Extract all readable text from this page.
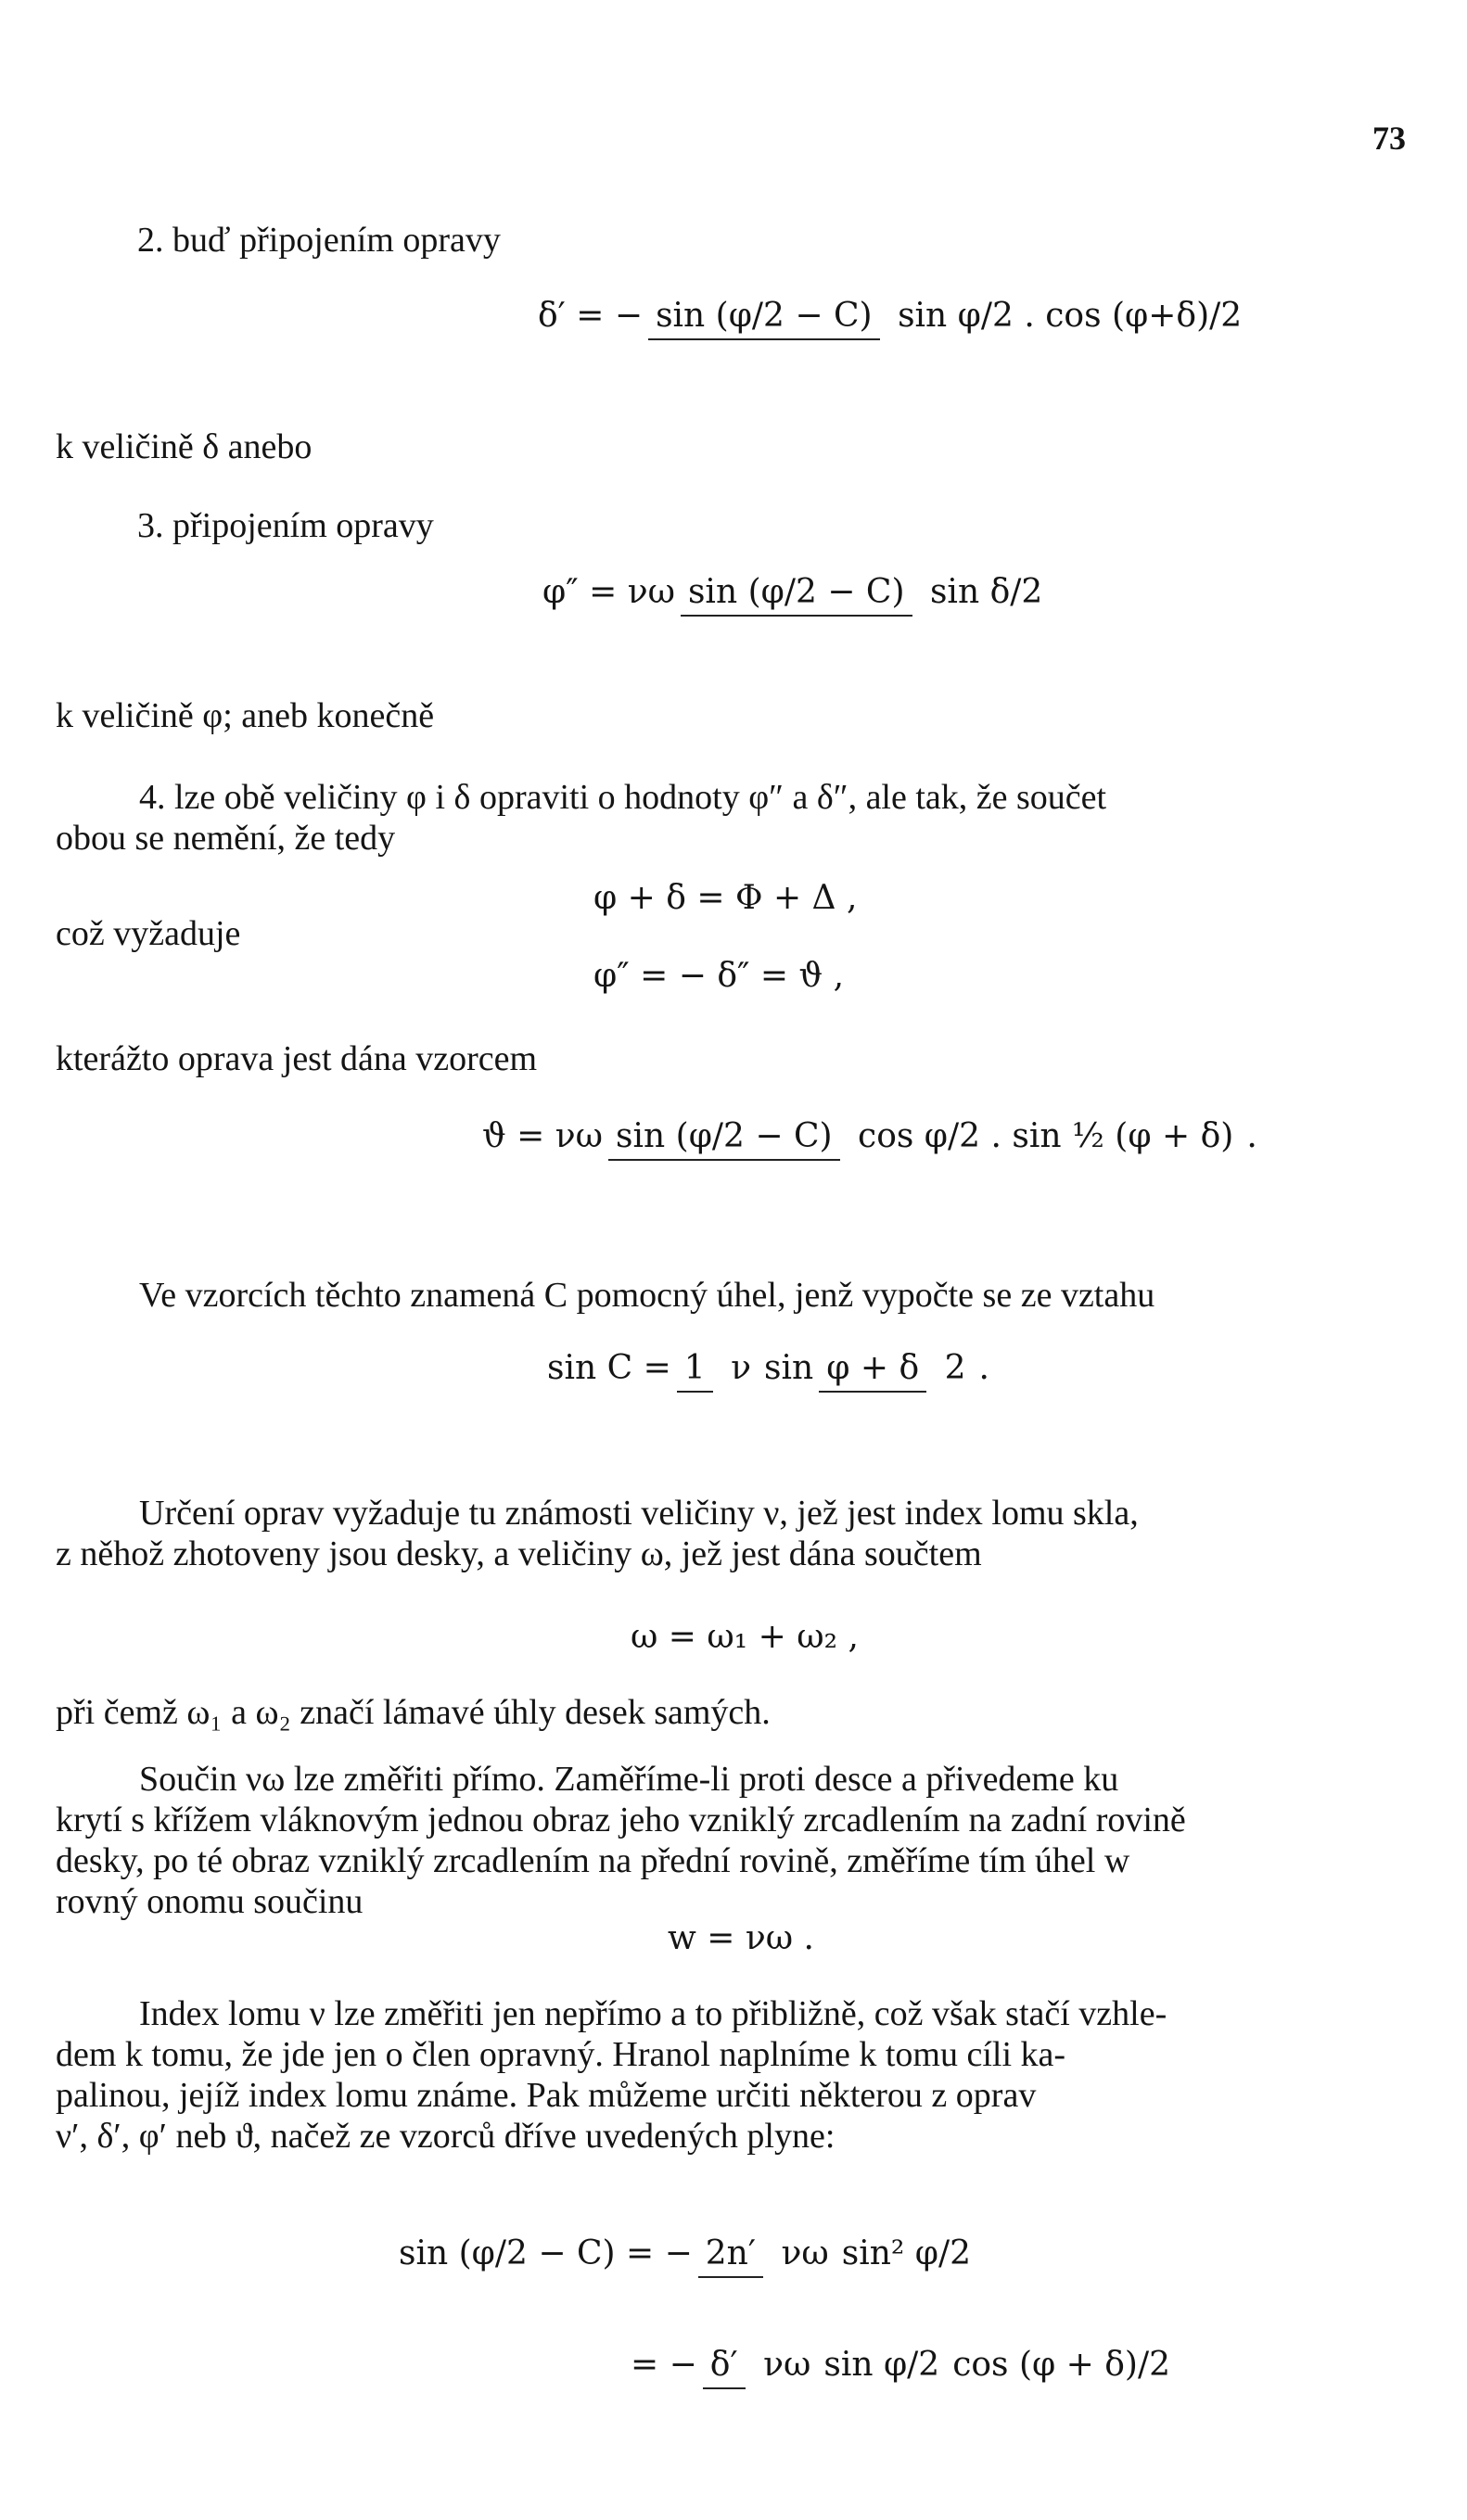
73
2. buď připojením opravy
δ′ = − sin (φ/2 − C) sin φ/2 . cos (φ+δ)/2
k veličině δ anebo
3. připojením opravy
φ″ = νω sin (φ/2 − C) sin δ/2
k veličině φ; aneb konečně
4. lze obě veličiny φ i δ opraviti o hodnoty φ″ a δ″, ale tak, že součet
obou se nemění, že tedy
φ + δ = Φ + Δ ,
což vyžaduje
φ″ = − δ″ = ϑ ,
kterážto oprava jest dána vzorcem
ϑ = νω sin (φ/2 − C) cos φ/2 . sin ½ (φ + δ) .
Ve vzorcích těchto znamená C pomocný úhel, jenž vypočte se ze vztahu
sin C = 1 ν sin φ + δ 2 .
Určení oprav vyžaduje tu známosti veličiny ν, jež jest index lomu skla,
z něhož zhotoveny jsou desky, a veličiny ω, jež jest dána součtem
ω = ω₁ + ω₂ ,
při čemž ω₁ a ω₂ značí lámavé úhly desek samých.
Součin νω lze změřiti přímo. Zaměříme-li proti desce a přivedeme ku
krytí s křížem vláknovým jednou obraz jeho vzniklý zrcadlením na zadní rovině
desky, po té obraz vzniklý zrcadlením na přední rovině, změříme tím úhel w
rovný onomu součinu
w = νω .
Index lomu ν lze změřiti jen nepřímo a to přibližně, což však stačí vzhle-
dem k tomu, že jde jen o člen opravný. Hranol naplníme k tomu cíli ka-
palinou, jejíž index lomu známe. Pak můžeme určiti některou z oprav
ν′, δ′, φ′ neb ϑ, načež ze vzorců dříve uvedených plyne:
sin (φ/2 − C) = − 2n′ νω sin² φ/2
= − δ′ νω sin φ/2 cos (φ + δ)/2
